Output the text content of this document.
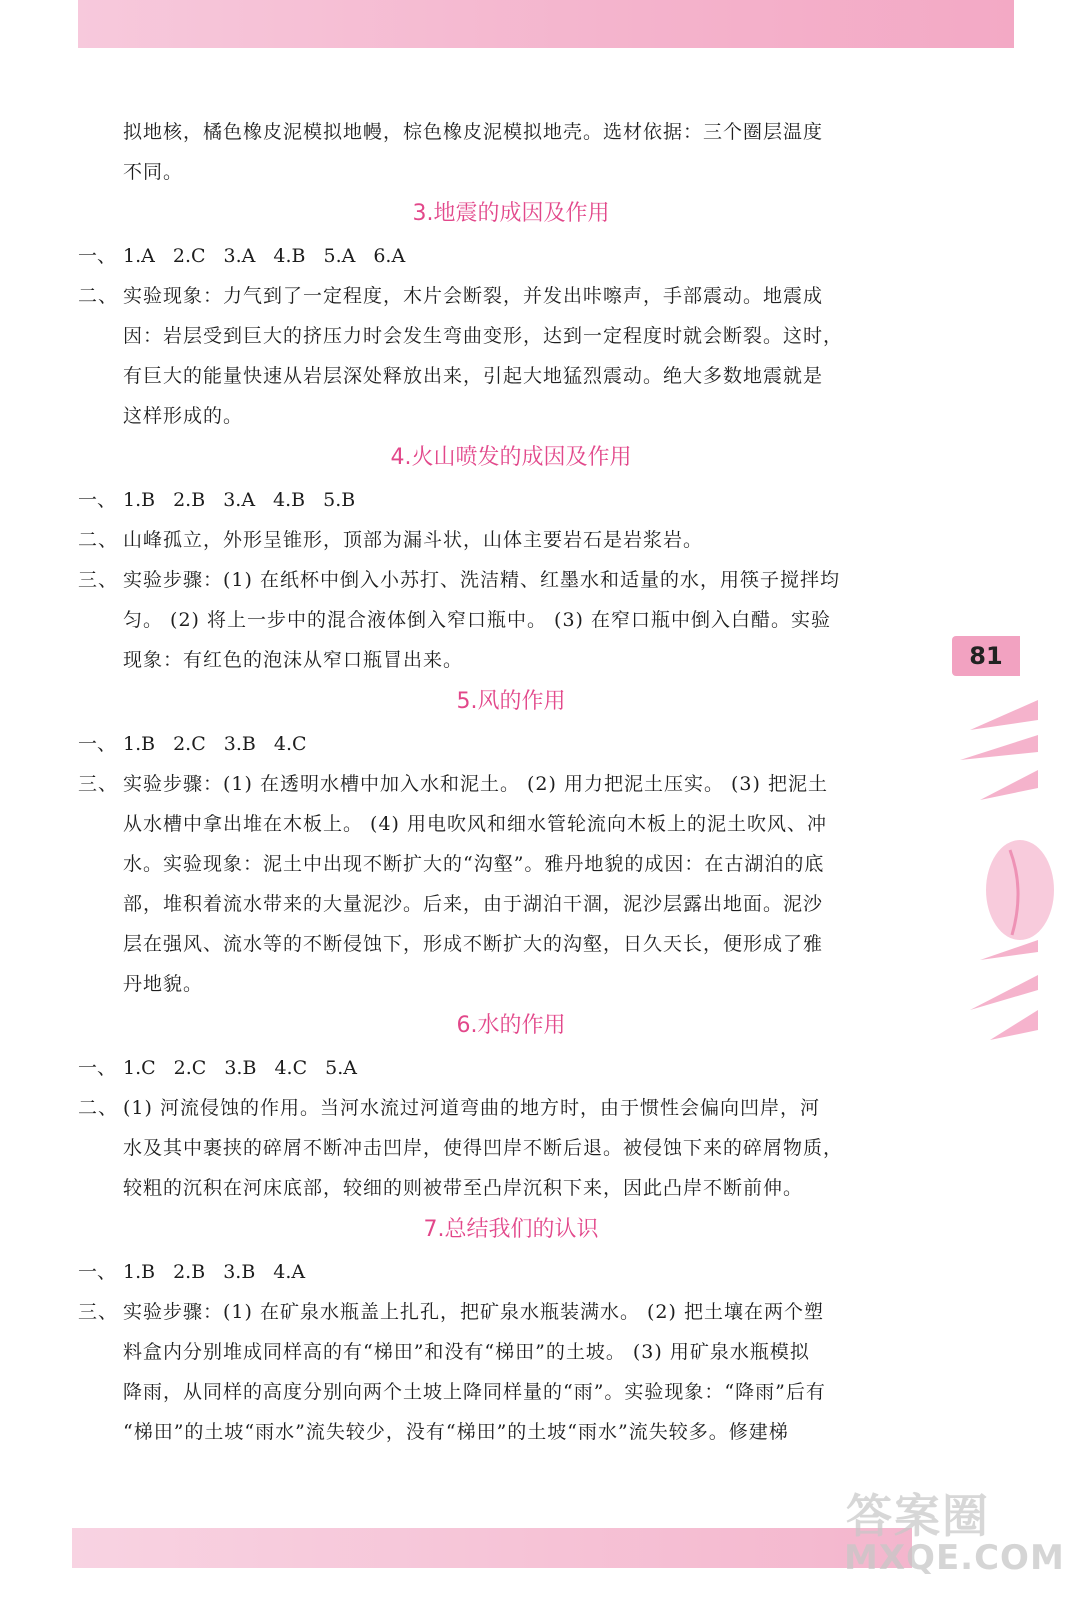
81
拟地核，橘色橡皮泥模拟地幔，棕色橡皮泥模拟地壳。选材依据：三个圈层温度
不同。
3.地震的成因及作用
一、 1.A 2.C 3.A 4.B 5.A 6.A
二、 实验现象：力气到了一定程度，木片会断裂，并发出咔嚓声，手部震动。地震成
因：岩层受到巨大的挤压力时会发生弯曲变形，达到一定程度时就会断裂。这时，
有巨大的能量快速从岩层深处释放出来，引起大地猛烈震动。绝大多数地震就是
这样形成的。
4.火山喷发的成因及作用
一、 1.B 2.B 3.A 4.B 5.B
二、 山峰孤立，外形呈锥形，顶部为漏斗状，山体主要岩石是岩浆岩。
三、 实验步骤：(1) 在纸杯中倒入小苏打、洗洁精、红墨水和适量的水，用筷子搅拌均
匀。 (2) 将上一步中的混合液体倒入窄口瓶中。 (3) 在窄口瓶中倒入白醋。实验
现象：有红色的泡沫从窄口瓶冒出来。
5.风的作用
一、 1.B 2.C 3.B 4.C
三、 实验步骤：(1) 在透明水槽中加入水和泥土。 (2) 用力把泥土压实。 (3) 把泥土
从水槽中拿出堆在木板上。 (4) 用电吹风和细水管轮流向木板上的泥土吹风、冲
水。实验现象：泥土中出现不断扩大的“沟壑”。雅丹地貌的成因：在古湖泊的底
部，堆积着流水带来的大量泥沙。后来，由于湖泊干涸，泥沙层露出地面。泥沙
层在强风、流水等的不断侵蚀下，形成不断扩大的沟壑，日久天长，便形成了雅
丹地貌。
6.水的作用
一、 1.C 2.C 3.B 4.C 5.A
二、 (1) 河流侵蚀的作用。当河水流过河道弯曲的地方时，由于惯性会偏向凹岸，河
水及其中裹挟的碎屑不断冲击凹岸，使得凹岸不断后退。被侵蚀下来的碎屑物质，
较粗的沉积在河床底部，较细的则被带至凸岸沉积下来，因此凸岸不断前伸。
7.总结我们的认识
一、 1.B 2.B 3.B 4.A
三、 实验步骤：(1) 在矿泉水瓶盖上扎孔，把矿泉水瓶装满水。 (2) 把土壤在两个塑
料盒内分别堆成同样高的有“梯田”和没有“梯田”的土坡。 (3) 用矿泉水瓶模拟
降雨，从同样的高度分别向两个土坡上降同样量的“雨”。实验现象：“降雨”后有
“梯田”的土坡“雨水”流失较少，没有“梯田”的土坡“雨水”流失较多。修建梯
答案圈
MXQE.COM
